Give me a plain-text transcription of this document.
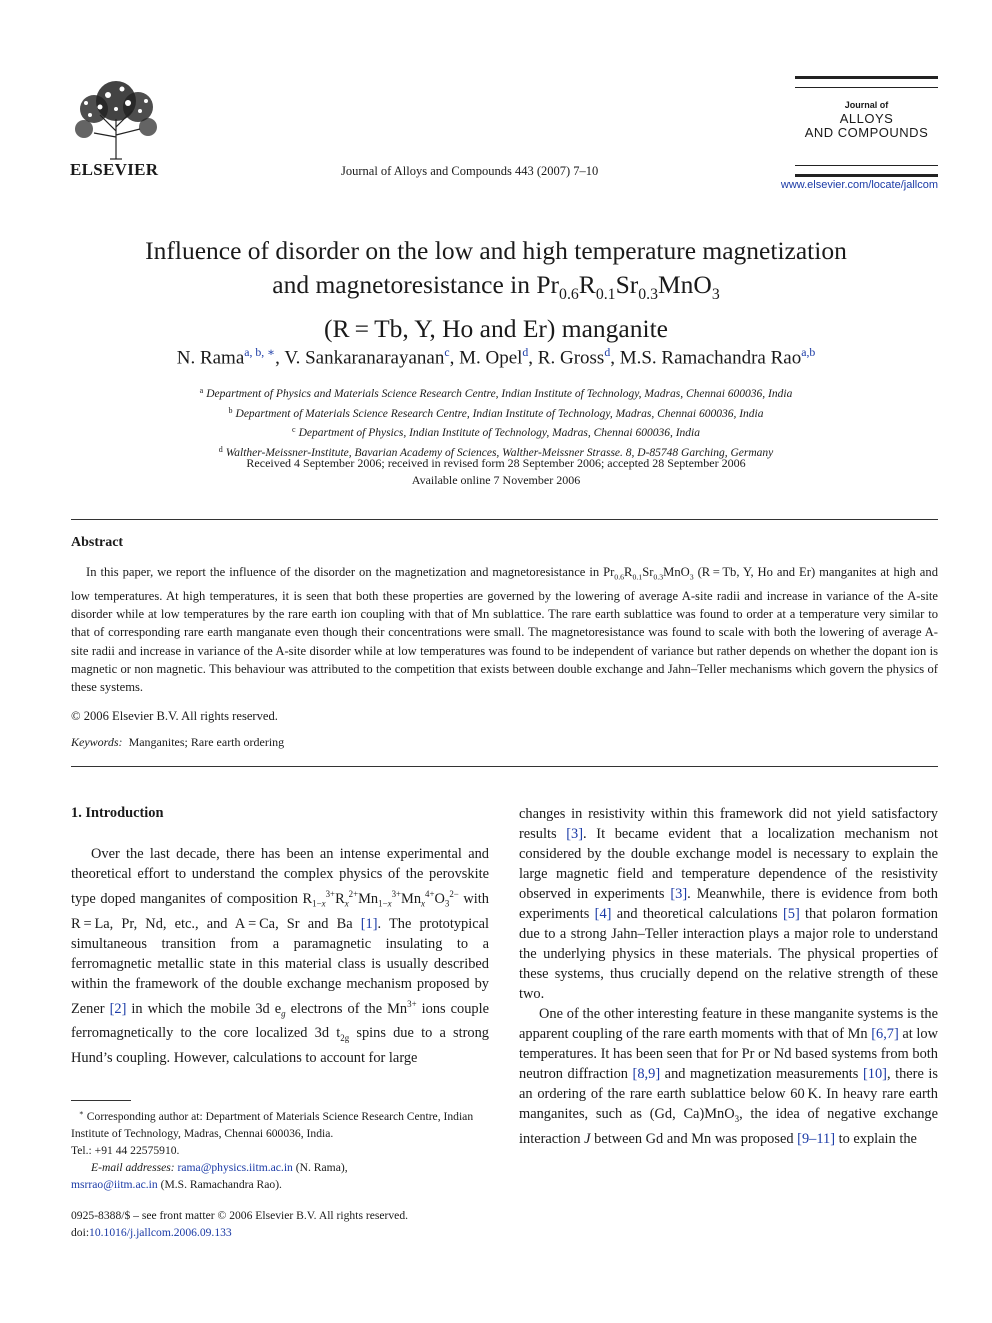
ELSEVIER	Journal of Alloys and Compounds 443 (2007) 7–10
Journal of
ALLOYS
AND COMPOUNDS
www.elsevier.com/locate/jallcom
Influence of disorder on the low and high temperature magnetization
and magnetoresistance in $Pr_{0.6}R_{0.1}Sr_{0.3}MnO_3$
(R = Tb, Y, Ho and Er) manganite
N. Rama$^{a, b, ∗}$, V. Sankaranarayanan$^c$, M. Opel$^d$, R. Gross$^d$, M.S. Ramachandra Rao$^{a,b}$
$^a$ Department of Physics and Materials Science Research Centre, Indian Institute of Technology, Madras, Chennai 600036, India
$^b$ Department of Materials Science Research Centre, Indian Institute of Technology, Madras, Chennai 600036, India
$^c$ Department of Physics, Indian Institute of Technology, Madras, Chennai 600036, India
$^d$ Walther-Meissner-Institute, Bavarian Academy of Sciences, Walther-Meissner Strasse. 8, D-85748 Garching, Germany
Received 4 September 2006; received in revised form 28 September 2006; accepted 28 September 2006
Available online 7 November 2006
Abstract

In this paper, we report the influence of the disorder on the magnetization and magnetoresistance in $Pr_{0.6}R_{0.1}Sr_{0.3}MnO_3$ (R = Tb, Y, Ho and Er) manganites at high and low temperatures. At high temperatures, it is seen that both these properties are governed by the lowering of average A-site radii and increase in variance of the A-site disorder while at low temperatures by the rare earth ion coupling with that of Mn sublattice. The rare earth sublattice was found to order at a temperature very similar to that of corresponding rare earth manganate even though their concentrations were small. The magnetoresistance was found to scale with both the lowering of average A-site radii and increase in variance of the A-site disorder while at low temperatures was found to be independent of variance but rather depends on whether the dopant ion is magnetic or non magnetic. This behaviour was attributed to the competition that exists between double exchange and Jahn–Teller mechanisms which govern the physics of these systems.

© 2006 Elsevier B.V. All rights reserved.
Keywords: Manganites; Rare earth ordering
1. Introduction

Over the last decade, there has been an intense experimental and theoretical effort to understand the complex physics of the perovskite type doped manganites of composition $R_{1-x}^{3+}R_x^{2+}Mn_{1-x}^{3+}Mn_x^{4+}O_3^{2-}$ with R = La, Pr, Nd, etc., and A = Ca, Sr and Ba [1]. The prototypical simultaneous transition from a paramagnetic insulating to a ferromagnetic metallic state in this material class is usually described within the framework of the double exchange mechanism proposed by Zener [2] in which the mobile 3d $e_g$ electrons of the $Mn^{3+}$ ions couple ferromagnetically to the core localized 3d $t_{2g}$ spins due to a strong Hund’s coupling. However, calculations to account for large

∗ Corresponding author at: Department of Materials Science Research Centre, Indian Institute of Technology, Madras, Chennai 600036, India.
Tel.: +91 44 22575910.
E-mail addresses: rama@physics.iitm.ac.in (N. Rama),
msrrao@iitm.ac.in (M.S. Ramachandra Rao).
0925-8388/$ – see front matter © 2006 Elsevier B.V. All rights reserved.
doi:10.1016/j.jallcom.2006.09.133

changes in resistivity within this framework did not yield satisfactory results [3]. It became evident that a localization mechanism not considered by the double exchange model is necessary to explain the large magnetic field and temperature dependence of the resistivity observed in experiments [3]. Meanwhile, there is evidence from both experiments [4] and theoretical calculations [5] that polaron formation due to a strong Jahn–Teller interaction plays a major role to understand the underlying physics in these materials. The physical properties of these systems, thus crucially depend on the relative strength of these two.

One of the other interesting feature in these manganite systems is the apparent coupling of the rare earth moments with that of Mn [6,7] at low temperatures. It has been seen that for Pr or Nd based systems from both neutron diffraction [8,9] and magnetization measurements [10], there is an ordering of the rare earth sublattice below 60 K. In heavy rare earth manganites, such as (Gd, Ca)MnO$_3$, the idea of negative exchange interaction J between Gd and Mn was proposed [9–11] to explain the
